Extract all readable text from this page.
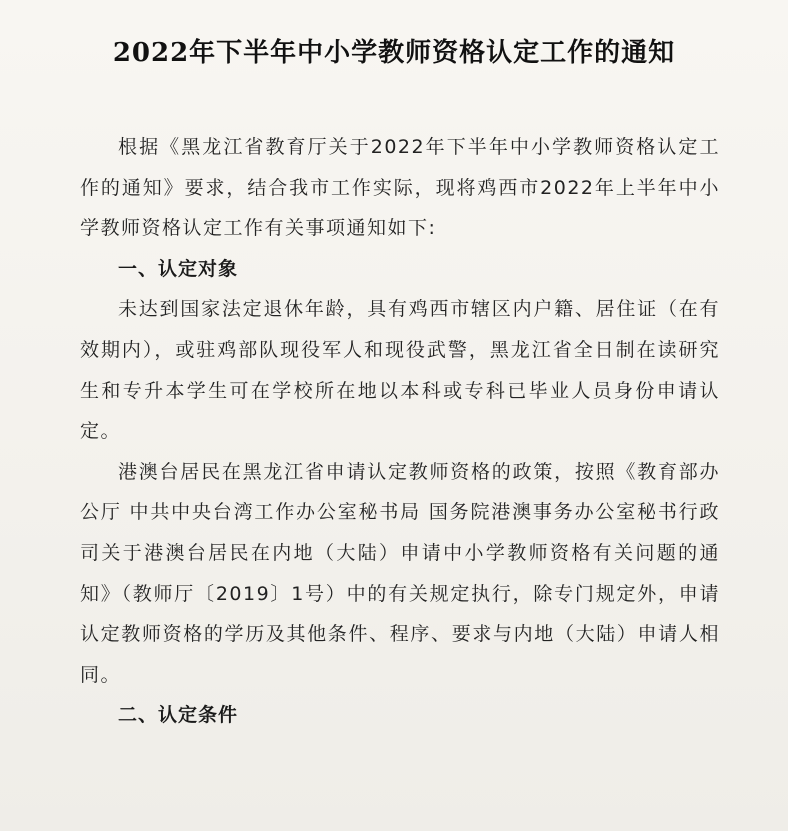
2022年下半年中小学教师资格认定工作的通知

根据《黑龙江省教育厅关于2022年下半年中小学教师资格认定工作的通知》要求，结合我市工作实际，现将鸡西市2022年上半年中小学教师资格认定工作有关事项通知如下:

一、认定对象

未达到国家法定退休年龄，具有鸡西市辖区内户籍、居住证（在有效期内），或驻鸡部队现役军人和现役武警，黑龙江省全日制在读研究生和专升本学生可在学校所在地以本科或专科已毕业人员身份申请认定。

港澳台居民在黑龙江省申请认定教师资格的政策，按照《教育部办公厅 中共中央台湾工作办公室秘书局 国务院港澳事务办公室秘书行政司关于港澳台居民在内地（大陆）申请中小学教师资格有关问题的通知》（教师厅〔2019〕1号）中的有关规定执行，除专门规定外，申请认定教师资格的学历及其他条件、程序、要求与内地（大陆）申请人相同。

二、认定条件
